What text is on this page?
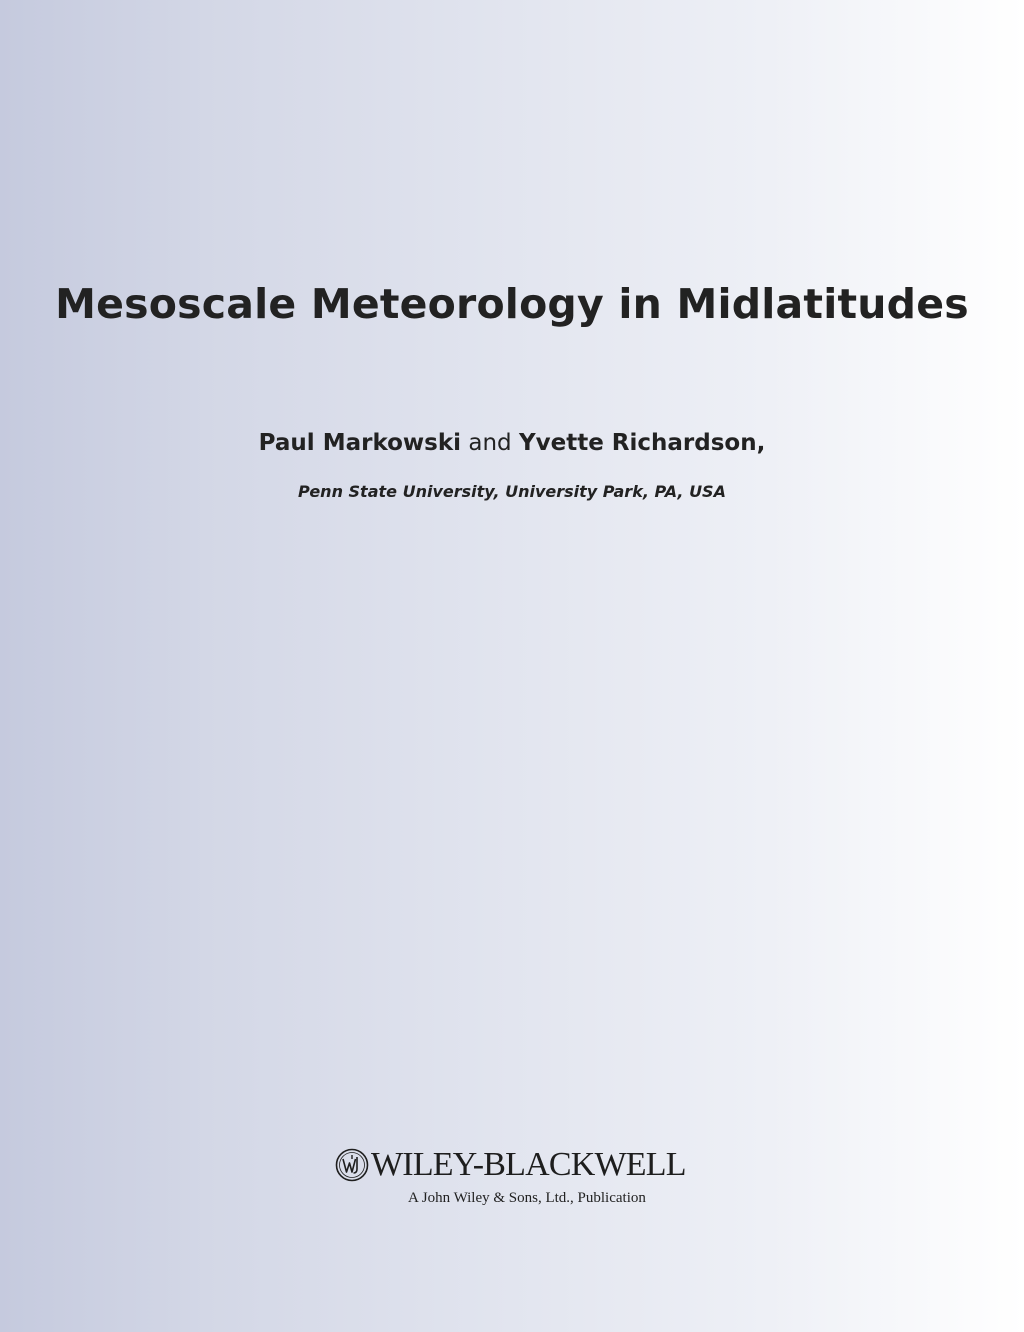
Mesoscale Meteorology in Midlatitudes
Paul Markowski and Yvette Richardson,
Penn State University, University Park, PA, USA
WILEY-BLACKWELL
A John Wiley & Sons, Ltd., Publication
